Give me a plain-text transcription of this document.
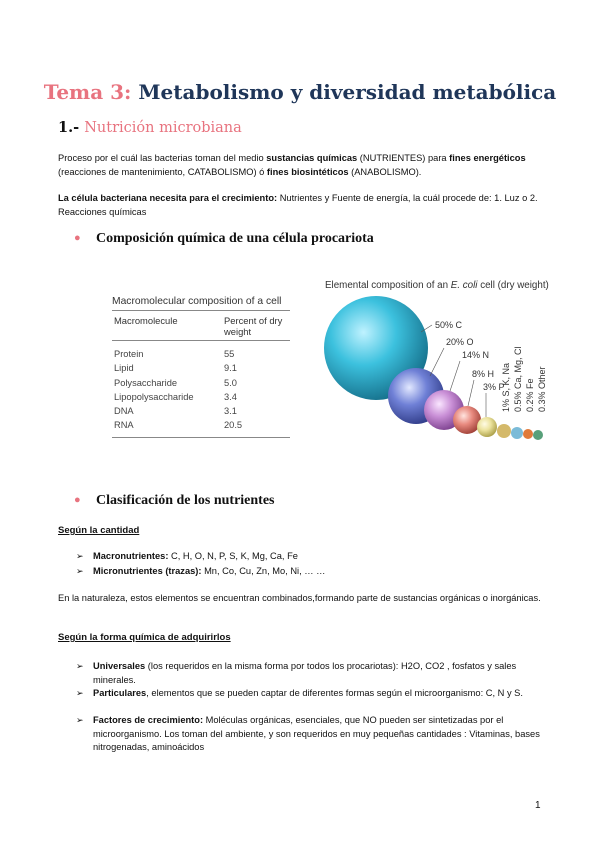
Tema 3: Metabolismo y diversidad metabólica
1.- Nutrición microbiana

Proceso por el cuál las bacterias toman del medio sustancias químicas (NUTRIENTES) para fines energéticos (reacciones de mantenimiento, CATABOLISMO) ó fines biosintéticos (ANABOLISMO).

La célula bacteriana necesita para el crecimiento: Nutrientes y Fuente de energía, la cuál procede de: 1. Luz o 2. Reacciones químicas

● Composición química de una célula procariota
Macromolecular composition of a cell
Macromolecule	Percent of dry weight
Protein	55
Lipid	9.1
Polysaccharide	5.0
Lipopolysaccharide	3.4
DNA	3.1
RNA	20.5
Elemental composition of an E. coli cell (dry weight)
50% C
20% O
14% N
8% H
3% P
1% S, K, Na 0.5% Ca, Mg, Cl 0.2% Fe 0.3% Other
● Clasificación de los nutrientes
Según la cantidad
➢	Macronutrientes: C, H, O, N, P, S, K, Mg, Ca, Fe
➢	Micronutrientes (trazas): Mn, Co, Cu, Zn, Mo, Ni, … …

En la naturaleza, estos elementos se encuentran combinados,formando parte de sustancias orgánicas o inorgánicas.

Según la forma química de adquirirlos
➢	Universales (los requeridos en la misma forma por todos los procariotas): H2O, CO2 , fosfatos y sales minerales.
➢	Particulares, elementos que se pueden captar de diferentes formas según el microorganismo: C, N y S.
➢	Factores de crecimiento: Moléculas orgánicas, esenciales, que NO pueden ser sintetizadas por el microorganismo. Los toman del ambiente, y son requeridos en muy pequeñas cantidades : Vitaminas, bases nitrogenadas, aminoácidos
1
